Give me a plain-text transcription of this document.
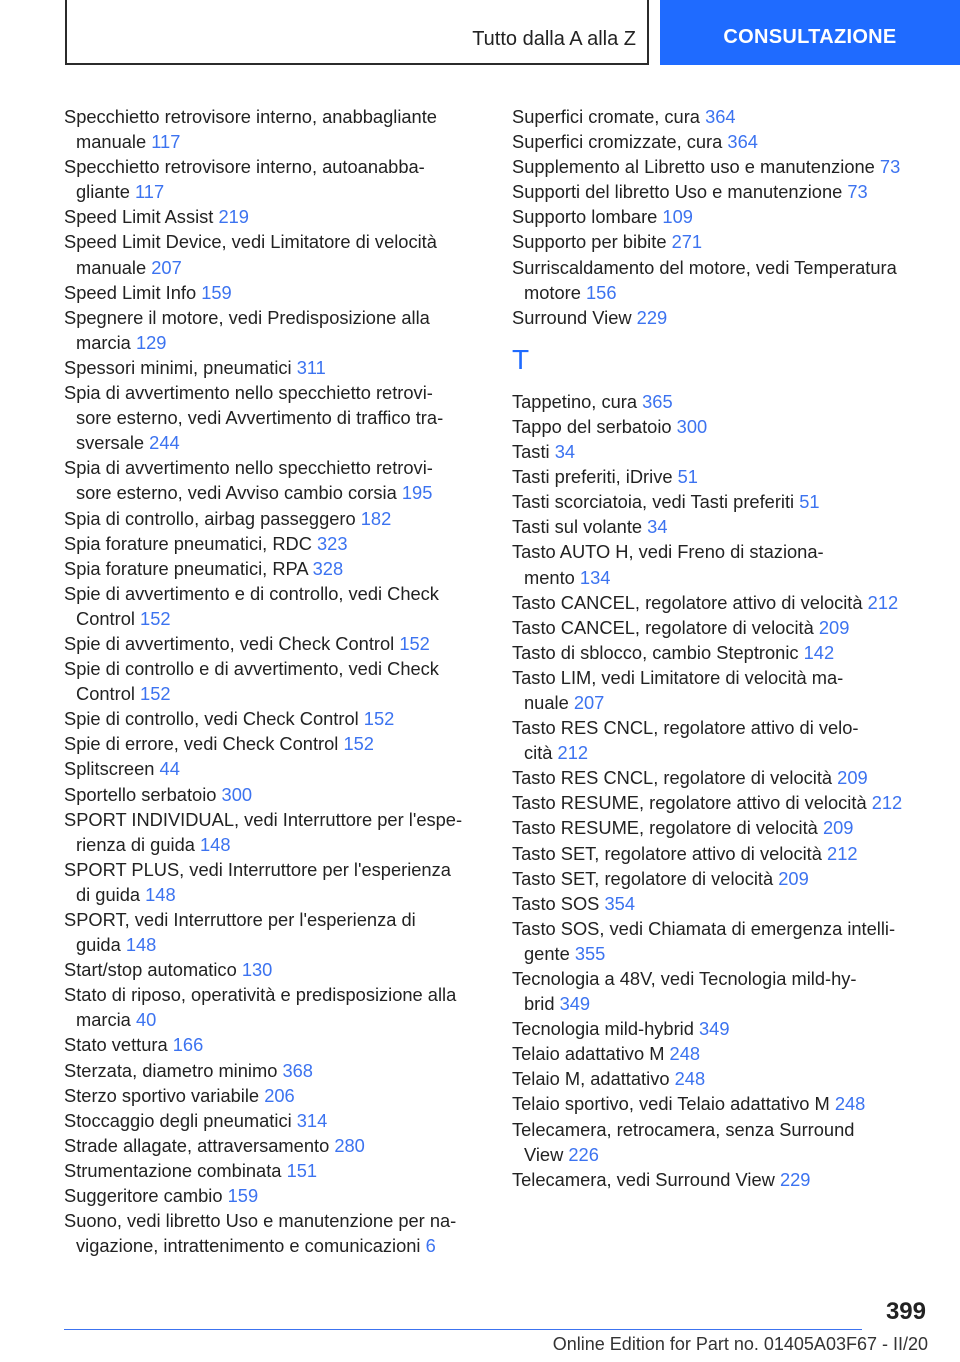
Tutto dalla A alla Z	CONSULTAZIONE
Specchietto retrovisore interno, anabbagliante
manuale 117
Specchietto retrovisore interno, autoanabba-
gliante 117
Speed Limit Assist 219
Speed Limit Device, vedi Limitatore di velocità
manuale 207
Speed Limit Info 159
Spegnere il motore, vedi Predisposizione alla
marcia 129
Spessori minimi, pneumatici 311
Spia di avvertimento nello specchietto retrovi-
sore esterno, vedi Avvertimento di traffico tra-
sversale 244
Spia di avvertimento nello specchietto retrovi-
sore esterno, vedi Avviso cambio corsia 195
Spia di controllo, airbag passeggero 182
Spia forature pneumatici, RDC 323
Spia forature pneumatici, RPA 328
Spie di avvertimento e di controllo, vedi Check
Control 152
Spie di avvertimento, vedi Check Control 152
Spie di controllo e di avvertimento, vedi Check
Control 152
Spie di controllo, vedi Check Control 152
Spie di errore, vedi Check Control 152
Splitscreen 44
Sportello serbatoio 300
SPORT INDIVIDUAL, vedi Interruttore per l'espe-
rienza di guida 148
SPORT PLUS, vedi Interruttore per l'esperienza
di guida 148
SPORT, vedi Interruttore per l'esperienza di
guida 148
Start/stop automatico 130
Stato di riposo, operatività e predisposizione alla
marcia 40
Stato vettura 166
Sterzata, diametro minimo 368
Sterzo sportivo variabile 206
Stoccaggio degli pneumatici 314
Strade allagate, attraversamento 280
Strumentazione combinata 151
Suggeritore cambio 159
Suono, vedi libretto Uso e manutenzione per na-
vigazione, intrattenimento e comunicazioni 6
Superfici cromate, cura 364
Superfici cromizzate, cura 364
Supplemento al Libretto uso e manutenzione 73
Supporti del libretto Uso e manutenzione 73
Supporto lombare 109
Supporto per bibite 271
Surriscaldamento del motore, vedi Temperatura
motore 156
Surround View 229
T
Tappetino, cura 365
Tappo del serbatoio 300
Tasti 34
Tasti preferiti, iDrive 51
Tasti scorciatoia, vedi Tasti preferiti 51
Tasti sul volante 34
Tasto AUTO H, vedi Freno di staziona-
mento 134
Tasto CANCEL, regolatore attivo di velocità 212
Tasto CANCEL, regolatore di velocità 209
Tasto di sblocco, cambio Steptronic 142
Tasto LIM, vedi Limitatore di velocità ma-
nuale 207
Tasto RES CNCL, regolatore attivo di velo-
cità 212
Tasto RES CNCL, regolatore di velocità 209
Tasto RESUME, regolatore attivo di velocità 212
Tasto RESUME, regolatore di velocità 209
Tasto SET, regolatore attivo di velocità 212
Tasto SET, regolatore di velocità 209
Tasto SOS 354
Tasto SOS, vedi Chiamata di emergenza intelli-
gente 355
Tecnologia a 48V, vedi Tecnologia mild-hy-
brid 349
Tecnologia mild-hybrid 349
Telaio adattativo M 248
Telaio M, adattativo 248
Telaio sportivo, vedi Telaio adattativo M 248
Telecamera, retrocamera, senza Surround
View 226
Telecamera, vedi Surround View 229
399
Online Edition for Part no. 01405A03F67 - II/20
